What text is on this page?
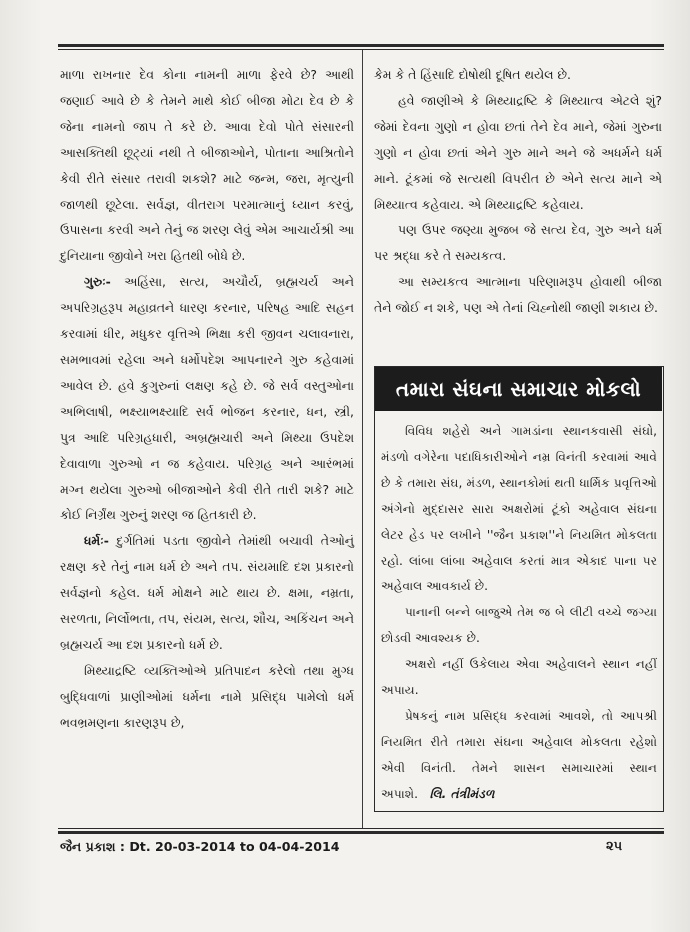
માળા રાખનાર દેવ કોના નામની માળા ફેરવે છે? આથી જણાઈ આવે છે કે તેમને માથે કોઈ બીજા મોટા દેવ છે કે જેના નામનો જાપ તે કરે છે. આવા દેવો પોતે સંસારની આસક્તિથી છૂટ્યાં નથી તે બીજાઓને, પોતાના આશ્રિતોને કેવી રીતે સંસાર તરાવી શકશે? માટે જન્મ, જરા, મૃત્યુની જાળથી છૂટેલા. સર્વજ્ઞ, વીતરાગ પરમાત્માનું ધ્યાન કરવું, ઉપાસના કરવી અને તેનું જ શરણ લેવું એમ આચાર્યશ્રી આ દુનિયાના જીવોને ખરા હિતથી બોધે છે.

ગુરુઃ- અહિંસા, સત્ય, અચૌર્ય, બ્રહ્મચર્ય અને અપરિગ્રહરૂપ મહાવ્રતને ધારણ કરનાર, પરિષહ આદિ સહન કરવામાં ધીર, મધુકર વૃત્તિએ ભિક્ષા કરી જીવન ચલાવનારા, સમભાવમાં રહેલા અને ધર્મોપદેશ આપનારને ગુરુ કહેવામાં આવેલ છે. હવે કુગુરુનાં લક્ષણ કહે છે. જે સર્વ વસ્તુઓના અભિલાષી, ભક્ષ્યાભક્ષ્યાદિ સર્વ ભોજન કરનાર, ધન, સ્ત્રી, પુત્ર આદિ પરિગ્રહધારી, અબ્રહ્મચારી અને મિથ્યા ઉપદેશ દેવાવાળા ગુરુઓ ન જ કહેવાય. પરિગ્રહ અને આરંભમાં મગ્ન થયેલા ગુરુઓ બીજાઓને કેવી રીતે તારી શકે? માટે કોઈ નિર્ગ્રંથ ગુરુનું શરણ જ હિતકારી છે.

ધર્મઃ- દુર્ગતિમાં પડતા જીવોને તેમાંથી બચાવી તેઓનું રક્ષણ કરે તેનું નામ ધર્મ છે અને તપ. સંયમાદિ દશ પ્રકારનો સર્વજ્ઞનો કહેલ. ધર્મ મોક્ષને માટે થાય છે. ક્ષમા, નમ્રતા, સરળતા, નિર્લોભતા, તપ, સંયમ, સત્ય, શૌચ, અકિંચન અને બ્રહ્મચર્ય આ દશ પ્રકારનો ધર્મ છે.

મિથ્યાદ્રષ્ટિ વ્યક્તિઓએ પ્રતિપાદન કરેલો તથા મુગ્ધ બુદ્ધિવાળાં પ્રાણીઓમાં ધર્મના નામે પ્રસિદ્ધ પામેલો ધર્મ ભવભ્રમણના કારણરૂપ છે,

કેમ કે તે હિંસાદિ દોષોથી દૂષિત થયેલ છે.

હવે જાણીએ કે મિથ્યાદ્રષ્ટિ કે મિથ્યાત્વ એટલે શું? જેમાં દેવના ગુણો ન હોવા છતાં તેને દેવ માને, જેમાં ગુરુના ગુણો ન હોવા છતાં એને ગુરુ માને અને જે અધર્મને ધર્મ માને. ટૂંકમાં જે સત્યથી વિપરીત છે એને સત્ય માને એ મિથ્યાત્વ કહેવાય. એ મિથ્યાદ્રષ્ટિ કહેવાય.

પણ ઉપર જણ્યા મુજબ જે સત્ય દેવ, ગુરુ અને ધર્મ પર શ્રદ્ધા કરે તે સમ્યકત્વ.

આ સમ્યકત્વ આત્માના પરિણામરૂપ હોવાથી બીજા તેને જોઈ ન શકે, પણ એ તેનાં ચિહ્નોથી જાણી શકાય છે.

તમારા સંઘના સમાચાર મોકલો

વિવિધ શહેરો અને ગામડાંના સ્થાનકવાસી સંઘો, મંડળો વગેરેના પદાધિકારીઓને નમ્ર વિનંતી કરવામાં આવે છે કે તમારા સંઘ, મંડળ, સ્થાનકોમાં થતી ધાર્મિક પ્રવૃત્તિઓ અંગેનો મુદ્દાસર સારા અક્ષરોમાં ટૂંકો અહેવાલ સંઘના લેટર હેડ પર લખીને ''જૈન પ્રકાશ''ને નિયમિત મોકલતા રહો. લાંબા લાંબા અહેવાલ કરતાં માત્ર એકાદ પાના પર અહેવાલ આવકાર્ય છે.

પાનાની બન્ને બાજુએ તેમ જ બે લીટી વચ્ચે જગ્યા છોડવી આવશ્યક છે.

અક્ષરો નહીં ઉકેલાય એવા અહેવાલને સ્થાન નહીં અપાય.

પ્રેષકનું નામ પ્રસિદ્ધ કરવામાં આવશે, તો આપશ્રી નિયમિત રીતે તમારા સંઘના અહેવાલ મોકલતા રહેશો એવી વિનંતી. તેમને શાસન સમાચારમાં સ્થાન અપાશે. લિ. તંત્રીમંડળ

જૈન પ્રકાશ : Dt. 20-03-2014 to 04-04-2014	૨૫
